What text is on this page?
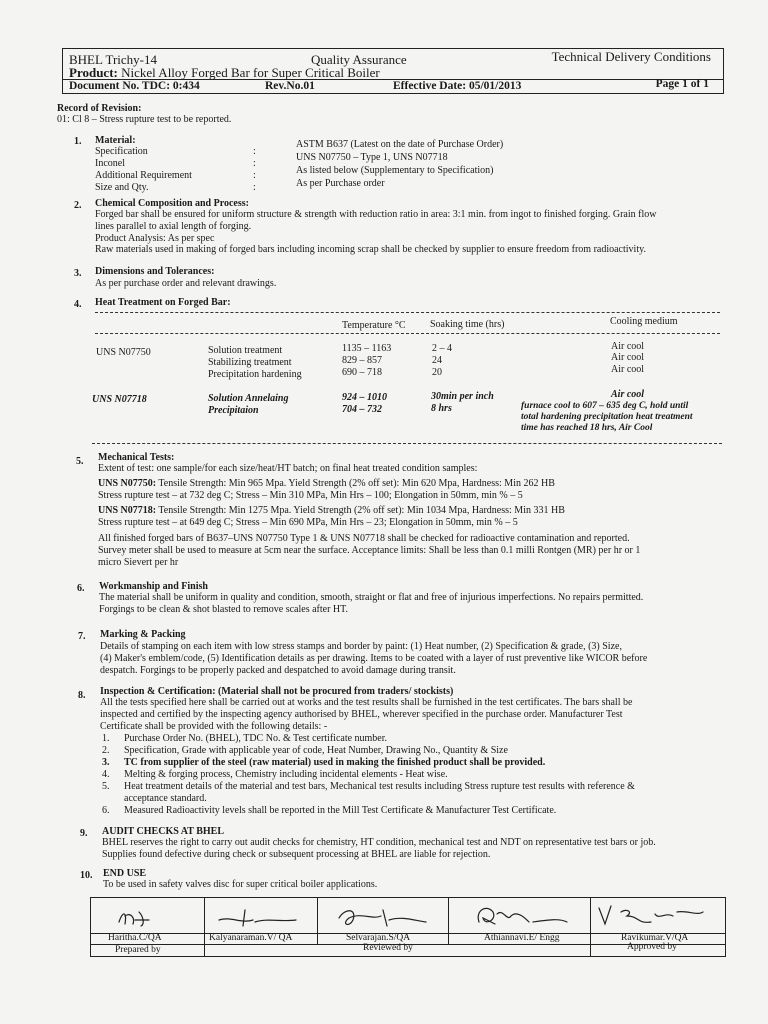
BHEL Trichy-14
Product: Nickel Alloy Forged Bar for Super Critical Boiler
Quality Assurance	Technical Delivery Conditions
Document No. TDC: 0:434	Rev.No.01	Effective Date: 05/01/2013	Page 1 of 1
Record of Revision:
01: Cl 8 – Stress rupture test to be reported.
1. Material:
Specification	:
ASTM B637 (Latest on the date of Purchase Order)
Inconel	:
UNS N07750 – Type 1, UNS N07718
Additional Requirement	:	As listed below (Supplementary to Specification)
Size and Qty.	:	As per Purchase order
2. Chemical Composition and Process:
Forged bar shall be ensured for uniform structure & strength with reduction ratio in area: 3:1 min. from ingot to finished forging. Grain flow
lines parallel to axial length of forging.
Product Analysis: As per spec
Raw materials used in making of forged bars including incoming scrap shall be checked by supplier to ensure freedom from radioactivity.
3. Dimensions and Tolerances:
As per purchase order and relevant drawings.
4. Heat Treatment on Forged Bar:
Temperature °C Soaking time (hrs)	Cooling medium
UNS N07750	Solution treatment	1135 – 1163	2 – 4	Air cool
Stabilizing treatment	829 – 857	24	Air cool
Precipitation hardening	690 – 718	20	Air cool
UNS N07718	Solution Annelaing	924 – 1010	30min per inch	Air cool
Precipitaion	704 – 732	8 hrs	furnace cool to 607 – 635 deg C, hold until
total hardening precipitation heat treatment
time has reached 18 hrs, Air Cool
5. Mechanical Tests:
Extent of test: one sample/for each size/heat/HT batch; on final heat treated condition samples:
UNS N07750: Tensile Strength: Min 965 Mpa. Yield Strength (2% off set): Min 620 Mpa, Hardness: Min 262 HB
Stress rupture test – at 732 deg C; Stress – Min 310 MPa, Min Hrs – 100; Elongation in 50mm, min % – 5
UNS N07718: Tensile Strength: Min 1275 Mpa. Yield Strength (2% off set): Min 1034 Mpa, Hardness: Min 331 HB
Stress rupture test – at 649 deg C; Stress – Min 690 MPa, Min Hrs – 23; Elongation in 50mm, min % – 5
All finished forged bars of B637–UNS N07750 Type 1 & UNS N07718 shall be checked for radioactive contamination and reported.
Survey meter shall be used to measure at 5cm near the surface. Acceptance limits: Shall be less than 0.1 milli Rontgen (MR) per hr or 1
micro Sievert per hr
6. Workmanship and Finish
The material shall be uniform in quality and condition, smooth, straight or flat and free of injurious imperfections. No repairs permitted.
Forgings to be clean & shot blasted to remove scales after HT.
7. Marking & Packing
Details of stamping on each item with low stress stamps and border by paint: (1) Heat number, (2) Specification & grade, (3) Size,
(4) Maker's emblem/code, (5) Identification details as per drawing. Items to be coated with a layer of rust preventive like WICOR before
despatch. Forgings to be properly packed and despatched to avoid damage during transit.
8. Inspection & Certification: (Material shall not be procured from traders/ stockists)
All the tests specified here shall be carried out at works and the test results shall be furnished in the test certificates. The bars shall be
inspected and certified by the inspecting agency authorised by BHEL, wherever specified in the purchase order. Manufacturer Test
Certificate shall be provided with the following details: -
1. Purchase Order No. (BHEL), TDC No. & Test certificate number.
2. Specification, Grade with applicable year of code, Heat Number, Drawing No., Quantity & Size
3. TC from supplier of the steel (raw material) used in making the finished product shall be provided.
4. Melting & forging process, Chemistry including incidental elements - Heat wise.
5. Heat treatment details of the material and test bars, Mechanical test results including Stress rupture test results with reference &
acceptance standard.
6. Measured Radioactivity levels shall be reported in the Mill Test Certificate & Manufacturer Test Certificate.
9. AUDIT CHECKS AT BHEL
BHEL reserves the right to carry out audit checks for chemistry, HT condition, mechanical test and NDT on representative test bars or job.
Supplies found defective during check or subsequent processing at BHEL are liable for rejection.
10. END USE
To be used in safety valves disc for super critical boiler applications.
Haritha.C/QA	Kalyanaraman.V/ QA	Selvarajan.S/QA	Athiannavi.E/ Engg	Ravikumar.V/QA
Prepared by	Reviewed by	Approved by
